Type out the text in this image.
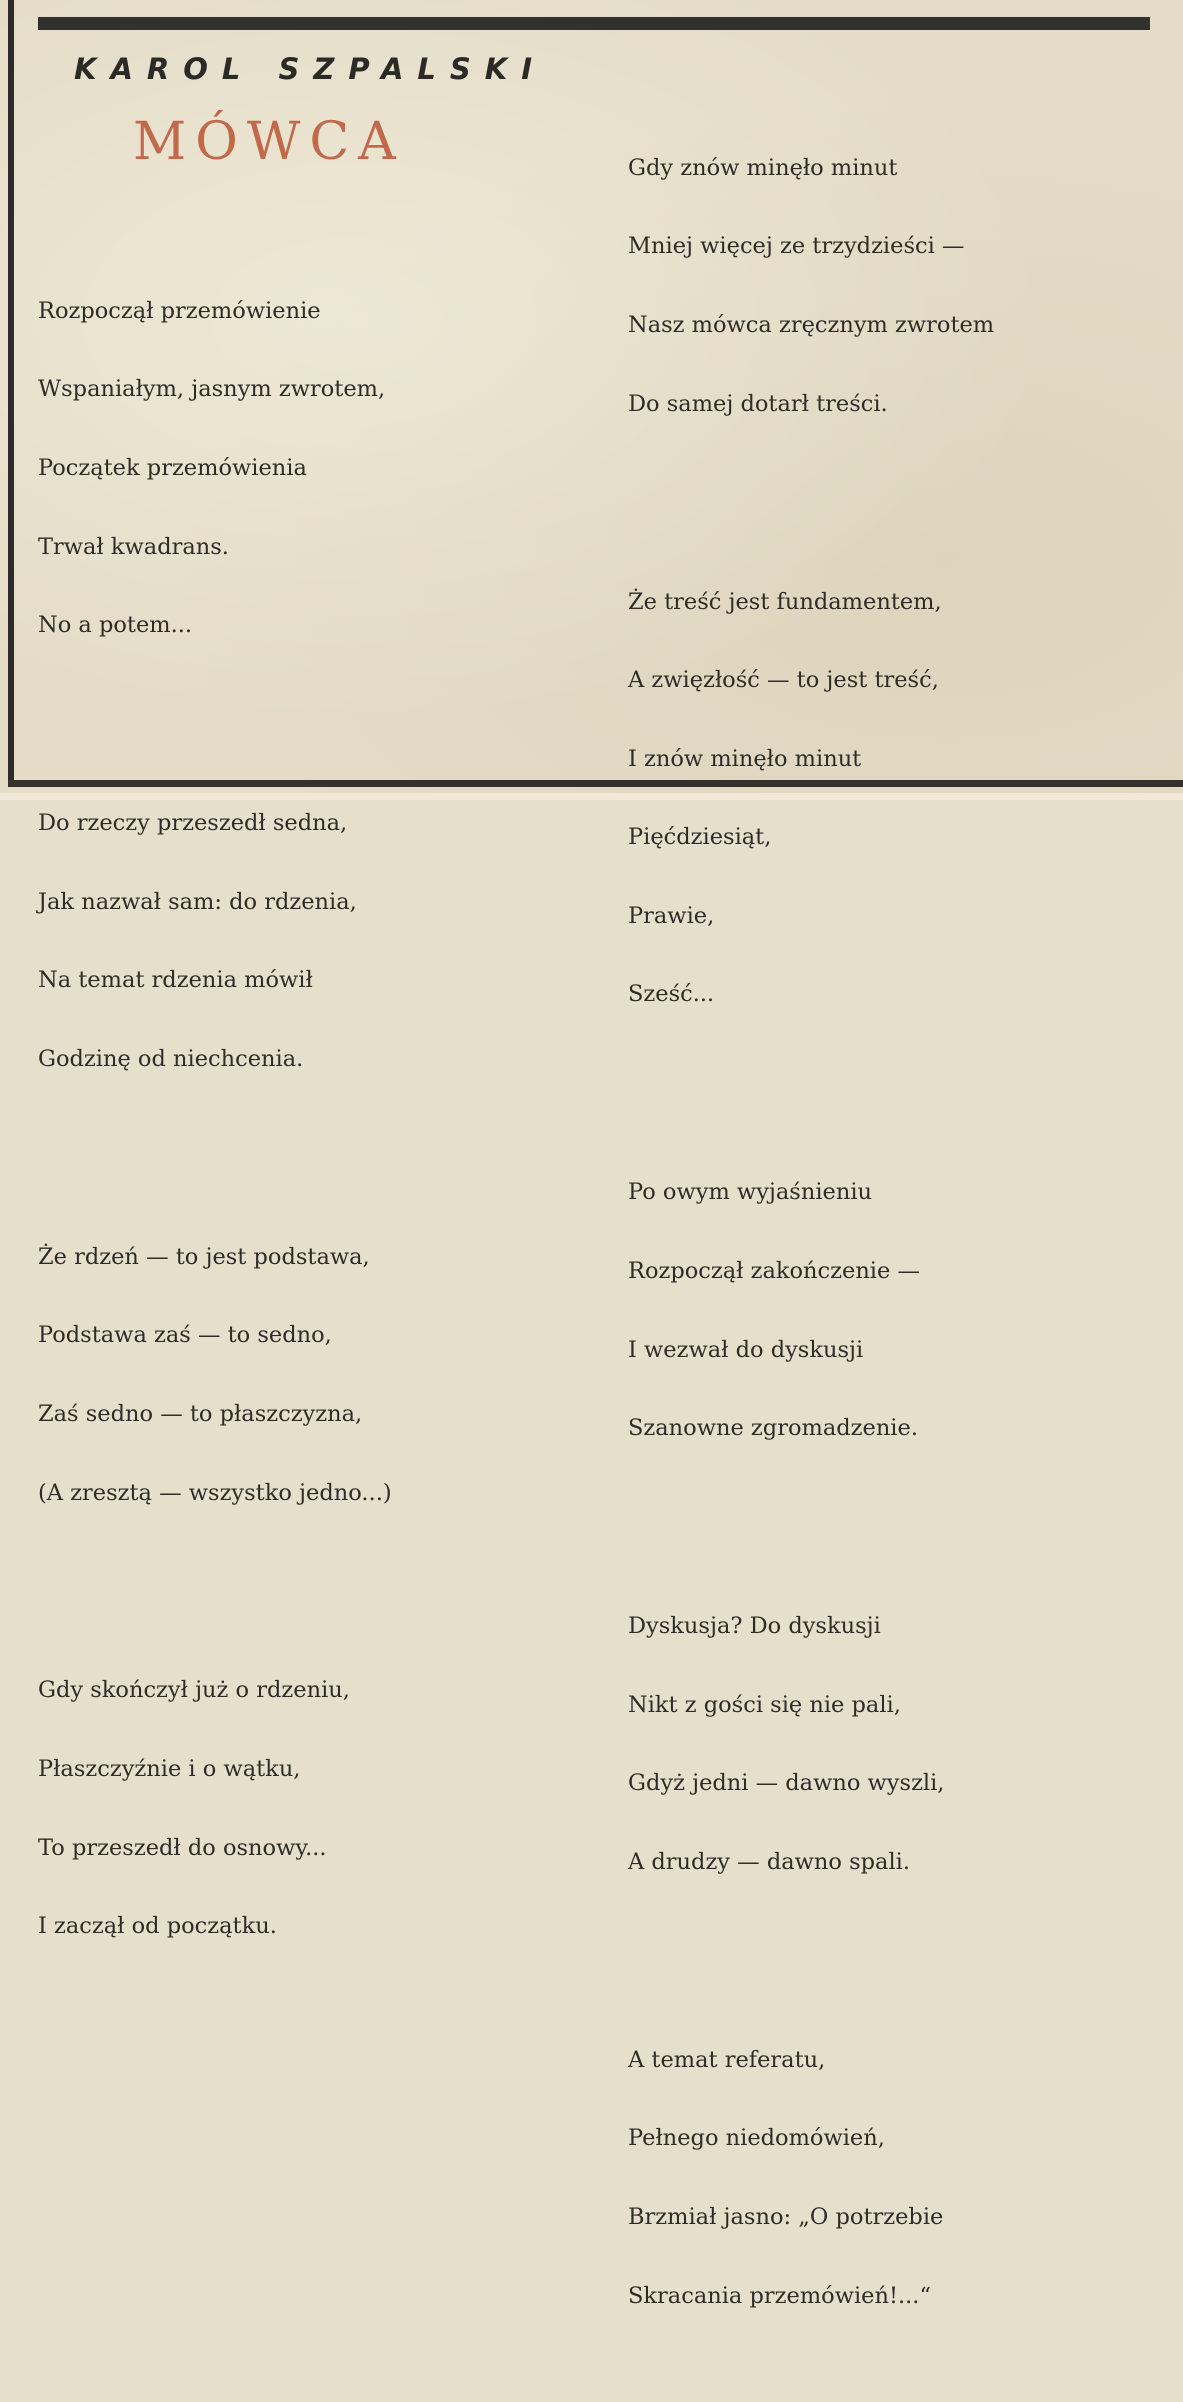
KAROL SZPALSKI
MÓWCA

Rozpoczął przemówienie

Wspaniałym, jasnym zwrotem,

Początek przemówienia

Trwał kwadrans.

No a potem...

Do rzeczy przeszedł sedna,

Jak nazwał sam: do rdzenia,

Na temat rdzenia mówił

Godzinę od niechcenia.

Że rdzeń — to jest podstawa,

Podstawa zaś — to sedno,

Zaś sedno — to płaszczyzna,

(A zresztą — wszystko jedno...)

Gdy skończył już o rdzeniu,

Płaszczyźnie i o wątku,

To przeszedł do osnowy...

I zaczął od początku.

Gdy znów minęło minut

Mniej więcej ze trzydzieści —

Nasz mówca zręcznym zwrotem

Do samej dotarł treści.

Że treść jest fundamentem,

A zwięzłość — to jest treść,

I znów minęło minut

Pięćdziesiąt,

Prawie,

Sześć...

Po owym wyjaśnieniu

Rozpoczął zakończenie —

I wezwał do dyskusji

Szanowne zgromadzenie.

Dyskusja? Do dyskusji

Nikt z gości się nie pali,

Gdyż jedni — dawno wyszli,

A drudzy — dawno spali.

A temat referatu,

Pełnego niedomówień,

Brzmiał jasno: „O potrzebie

Skracania przemówień!...“
